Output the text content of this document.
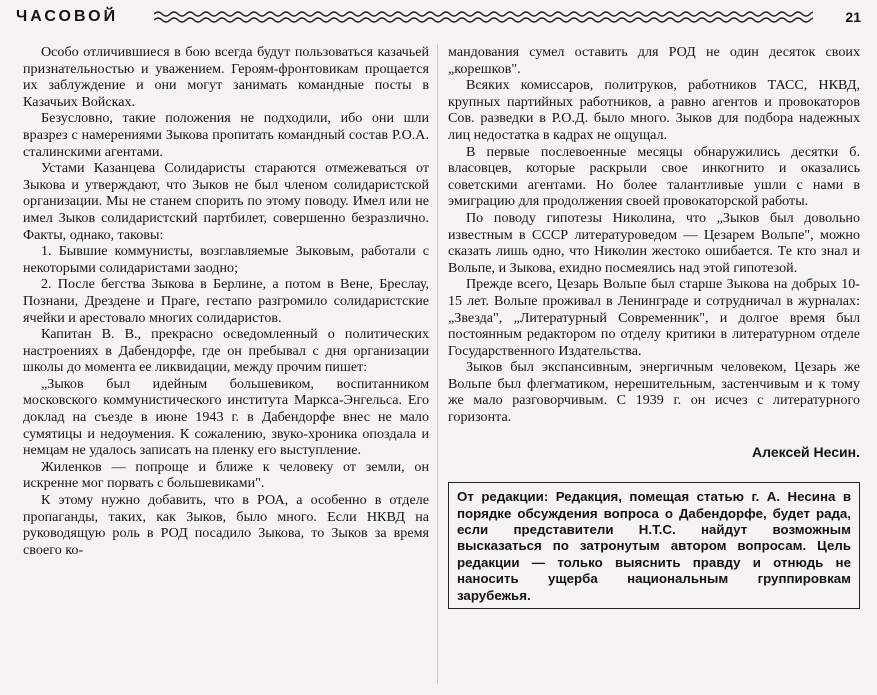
ЧАСОВОЙ	21

Особо отличившиеся в бою всегда будут пользоваться казачьей признательностью и уважением. Героям-фронтовикам прощается их заблуждение и они могут занимать командные посты в Казачьих Войсках.

Безусловно, такие положения не подходили, ибо они шли вразрез с намерениями Зыкова пропитать командный состав Р.О.А. сталинскими агентами.

Устами Казанцева Солидаристы стараются отмежеваться от Зыкова и утверждают, что Зыков не был членом солидаристской организации. Мы не станем спорить по этому поводу. Имел или не имел Зыков солидаристский партбилет, совершенно безразлично. Факты, однако, таковы:

1. Бывшие коммунисты, возглавляемые Зыковым, работали с некоторыми солидаристами заодно;

2. После бегства Зыкова в Берлине, а потом в Вене, Бреслау, Познани, Дрездене и Праге, гестапо разгромило солидаристские ячейки и арестовало многих солидаристов.

Капитан В. В., прекрасно осведомленный о политических настроениях в Дабендорфе, где он пребывал с дня организации школы до момента ее ликвидации, между прочим пишет:

„Зыков был идейным большевиком, воспитанником московского коммунистического института Маркса-Энгельса. Его доклад на съезде в июне 1943 г. в Дабендорфе внес не мало сумятицы и недоумения. К сожалению, звуко-хроника опоздала и немцам не удалось записать на пленку его выступление.

Жиленков — попроще и ближе к человеку от земли, он искренне мог порвать с большевиками".

К этому нужно добавить, что в РОА, а особенно в отделе пропаганды, таких, как Зыков, было много. Если НКВД на руководящую роль в РОД посадило Зыкова, то Зыков за время своего ко-

мандования сумел оставить для РОД не один десяток своих „корешков".

Всяких комиссаров, политруков, работников ТАСС, НКВД, крупных партийных работников, а равно агентов и провокаторов Сов. разведки в Р.О.Д. было много. Зыков для подбора надежных лиц недостатка в кадрах не ощущал.

В первые послевоенные месяцы обнаружились десятки б. власовцев, которые раскрыли свое инкогнито и оказались советскими агентами. Но более талантливые ушли с нами в эмиграцию для продолжения своей провокаторской работы.

По поводу гипотезы Николина, что „Зыков был довольно известным в СССР литературоведом — Цезарем Вольпе", можно сказать лишь одно, что Николин жестоко ошибается. Те кто знал и Вольпе, и Зыкова, ехидно посмеялись над этой гипотезой.

Прежде всего, Цезарь Вольпе был старше Зыкова на добрых 10-15 лет. Вольпе проживал в Ленинграде и сотрудничал в журналах: „Звезда", „Литературный Современник", и долгое время был постоянным редактором по отделу критики в литературном отделе Государственного Издательства.

Зыков был экспансивным, энергичным человеком, Цезарь же Вольпе был флегматиком, нерешительным, застенчивым и к тому же мало разговорчивым. С 1939 г. он исчез с литературного горизонта.

Алексей Несин.
От редакции: Редакция, помещая статью г. А. Несина в порядке обсуждения вопроса о Дабендорфе, будет рада, если представители Н.Т.С. найдут возможным высказаться по затронутым автором вопросам. Цель редакции — только выяснить правду и отнюдь не наносить ущерба национальным группировкам зарубежья.
